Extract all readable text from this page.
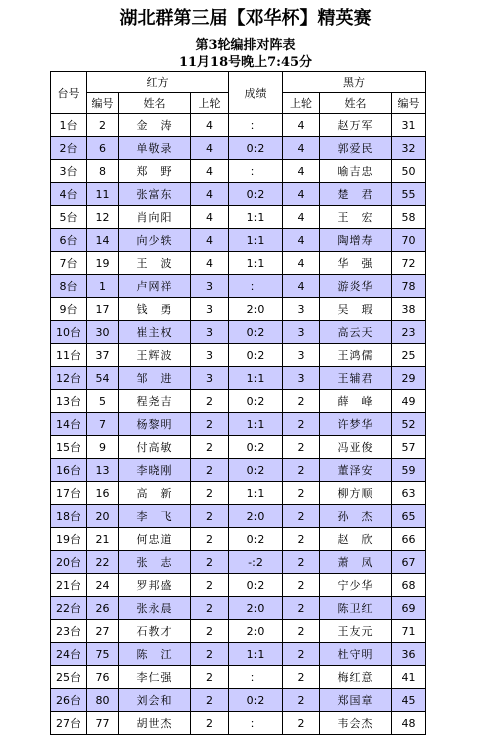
湖北群第三届【邓华杯】精英赛
第3轮编排对阵表
11月18号晚上7:45分
台号	红方			成绩	黑方		
	编号	姓名	上轮		上轮	姓名	编号
1台	2	金　涛	4	：	4	赵万军	31
2台	6	单敬录	4	0:2	4	郭爱民	32
3台	8	郑　野	4	：	4	喻吉忠	50
4台	11	张富东	4	0:2	4	楚　君	55
5台	12	肖向阳	4	1:1	4	王　宏	58
6台	14	向少轶	4	1:1	4	陶增寿	70
7台	19	王　波	4	1:1	4	华　强	72
8台	1	卢网祥	3	：	4	游炎华	78
9台	17	钱　勇	3	2:0	3	吴　瑕	38
10台	30	崔主权	3	0:2	3	高云天	23
11台	37	王辉波	3	0:2	3	王鸿儒	25
12台	54	邹　进	3	1:1	3	王辅君	29
13台	5	程尧吉	2	0:2	2	薛　峰	49
14台	7	杨黎明	2	1:1	2	许梦华	52
15台	9	付高敏	2	0:2	2	冯亚俊	57
16台	13	李晓刚	2	0:2	2	董泽安	59
17台	16	高　新	2	1:1	2	柳方顺	63
18台	20	李　飞	2	2:0	2	孙　杰	65
19台	21	何忠道	2	0:2	2	赵　欣	66
20台	22	张　志	2	-:2	2	萧　凤	67
21台	24	罗邦盛	2	0:2	2	宁少华	68
22台	26	张永晨	2	2:0	2	陈卫红	69
23台	27	石教才	2	2:0	2	王友元	71
24台	75	陈　江	2	1:1	2	杜守明	36
25台	76	李仁强	2	：	2	梅红意	41
26台	80	刘会和	2	0:2	2	郑国章	45
27台	77	胡世杰	2	：	2	韦会杰	48
